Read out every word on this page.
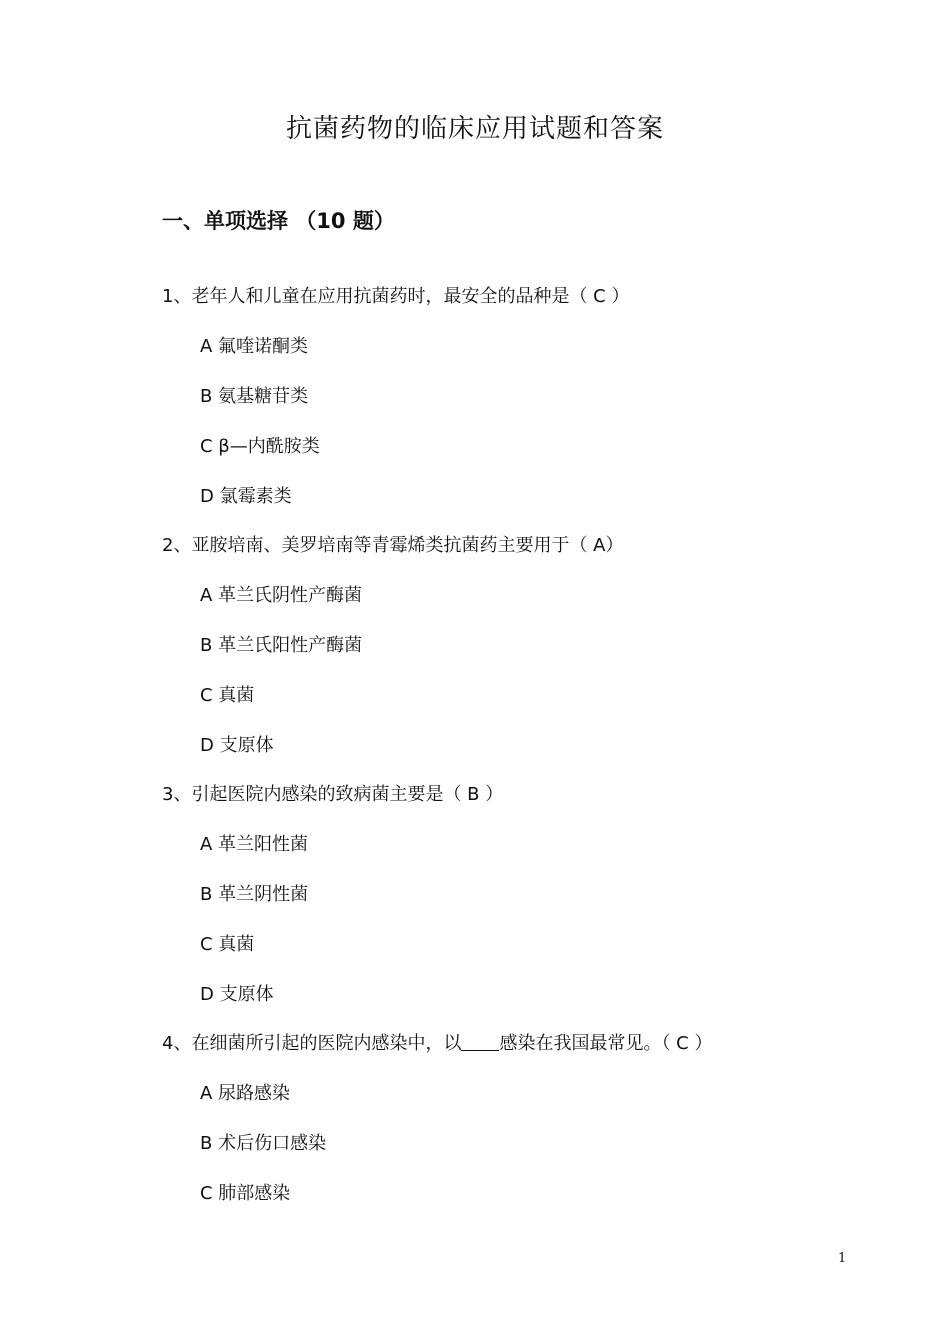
抗菌药物的临床应用试题和答案
一、单项选择 （10 题）
1、老年人和儿童在应用抗菌药时，最安全的品种是（ C ）
A 氟喹诺酮类
B 氨基糖苷类
C β—内酰胺类
D 氯霉素类
2、亚胺培南、美罗培南等青霉烯类抗菌药主要用于（ A）
A 革兰氏阴性产酶菌
B 革兰氏阳性产酶菌
C 真菌
D 支原体
3、引起医院内感染的致病菌主要是（ B ）
A 革兰阳性菌
B 革兰阴性菌
C 真菌
D 支原体
4、在细菌所引起的医院内感染中，以 感染在我国最常见。（ C ）
A 尿路感染
B 术后伤口感染
C 肺部感染
1
